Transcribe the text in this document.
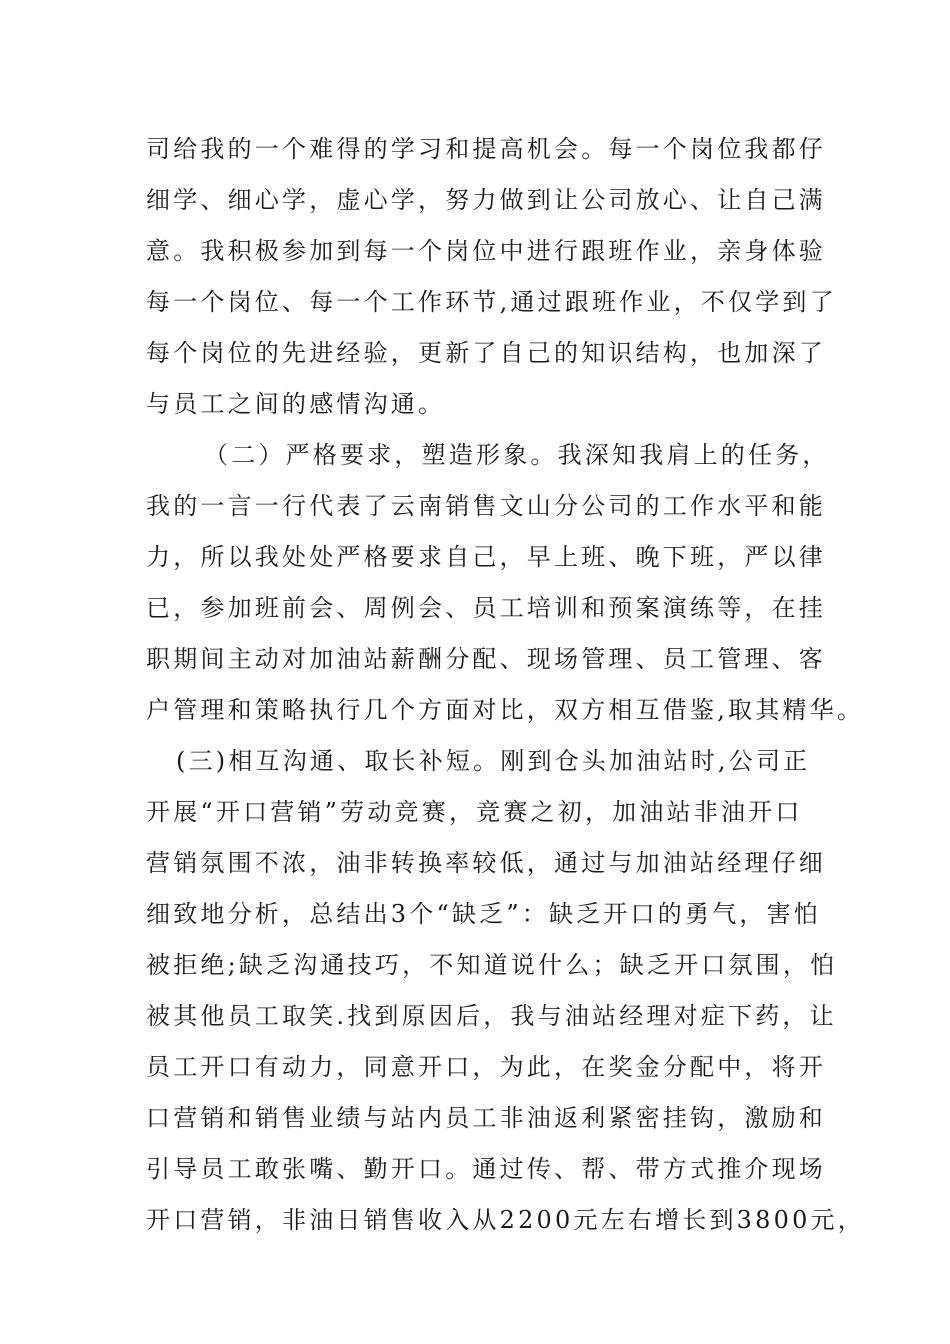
司给我的一个难得的学习和提高机会。每一个岗位我都仔
细学、细心学，虚心学，努力做到让公司放心、让自己满
意。我积极参加到每一个岗位中进行跟班作业，亲身体验
每一个岗位、每一个工作环节,通过跟班作业，不仅学到了
每个岗位的先进经验，更新了自己的知识结构，也加深了
与员工之间的感情沟通。
（二）严格要求，塑造形象。我深知我肩上的任务，
我的一言一行代表了云南销售文山分公司的工作水平和能
力，所以我处处严格要求自己，早上班、晚下班，严以律
已，参加班前会、周例会、员工培训和预案演练等，在挂
职期间主动对加油站薪酬分配、现场管理、员工管理、客
户管理和策略执行几个方面对比，双方相互借鉴,取其精华。
(三)相互沟通、取长补短。刚到仓头加油站时,公司正
开展“开口营销”劳动竞赛，竞赛之初，加油站非油开口
营销氛围不浓，油非转换率较低，通过与加油站经理仔细
细致地分析，总结出3个“缺乏”：缺乏开口的勇气，害怕
被拒绝;缺乏沟通技巧，不知道说什么；缺乏开口氛围，怕
被其他员工取笑.找到原因后，我与油站经理对症下药，让
员工开口有动力，同意开口，为此，在奖金分配中，将开
口营销和销售业绩与站内员工非油返利紧密挂钩，激励和
引导员工敢张嘴、勤开口。通过传、帮、带方式推介现场
开口营销，非油日销售收入从2200元左右增长到3800元，
